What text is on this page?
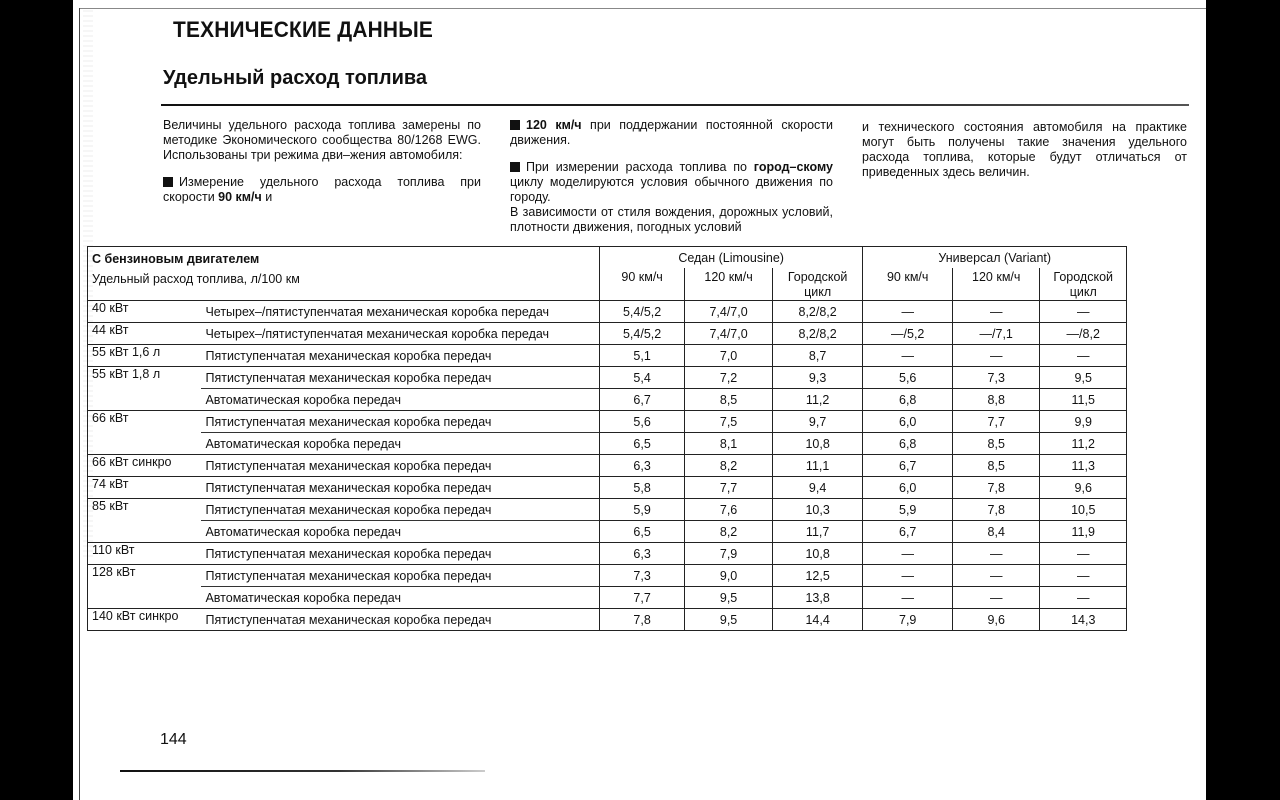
ТЕХНИЧЕСКИЕ ДАННЫЕ
Удельный расход топлива

Величины удельного расхода топлива замерены по методике Экономического сообщества 80/1268 EWG. Использованы три режима дви–жения автомобиля:

Измерение удельного расхода топлива при скорости 90 км/ч и

120 км/ч при поддержании постоянной скорости движения.

При измерении расхода топлива по город–скому циклу моделируются условия обычного движения по городу.

В зависимости от стиля вождения, дорожных условий, плотности движения, погодных условий

и технического состояния автомобиля на практике могут быть получены такие значения удельного расхода топлива, которые будут отличаться от приведенных здесь величин.

С бензиновым двигателем
Удельный расход топлива, л/100 км		Седан (Limousine)			Универсал (Variant)		
		90 км/ч	120 км/ч	Городской цикл	90 км/ч	120 км/ч	Городской цикл
40 кВт	Четырех–/пятиступенчатая механическая коробка передач	5,4/5,2	7,4/7,0	8,2/8,2	—	—	—
44 кВт	Четырех–/пятиступенчатая механическая коробка передач	5,4/5,2	7,4/7,0	8,2/8,2	—/5,2	—/7,1	—/8,2
55 кВт 1,6 л	Пятиступенчатая механическая коробка передач	5,1	7,0	8,7	—	—	—
55 кВт 1,8 л	Пятиступенчатая механическая коробка передач	5,4	7,2	9,3	5,6	7,3	9,5
	Автоматическая коробка передач	6,7	8,5	11,2	6,8	8,8	11,5
66 кВт	Пятиступенчатая механическая коробка передач	5,6	7,5	9,7	6,0	7,7	9,9
	Автоматическая коробка передач	6,5	8,1	10,8	6,8	8,5	11,2
66 кВт синкро	Пятиступенчатая механическая коробка передач	6,3	8,2	11,1	6,7	8,5	11,3
74 кВт	Пятиступенчатая механическая коробка передач	5,8	7,7	9,4	6,0	7,8	9,6
85 кВт	Пятиступенчатая механическая коробка передач	5,9	7,6	10,3	5,9	7,8	10,5
	Автоматическая коробка передач	6,5	8,2	11,7	6,7	8,4	11,9
110 кВт	Пятиступенчатая механическая коробка передач	6,3	7,9	10,8	—	—	—
128 кВт	Пятиступенчатая механическая коробка передач	7,3	9,0	12,5	—	—	—
	Автоматическая коробка передач	7,7	9,5	13,8	—	—	—
140 кВт синкро	Пятиступенчатая механическая коробка передач	7,8	9,5	14,4	7,9	9,6	14,3
144
